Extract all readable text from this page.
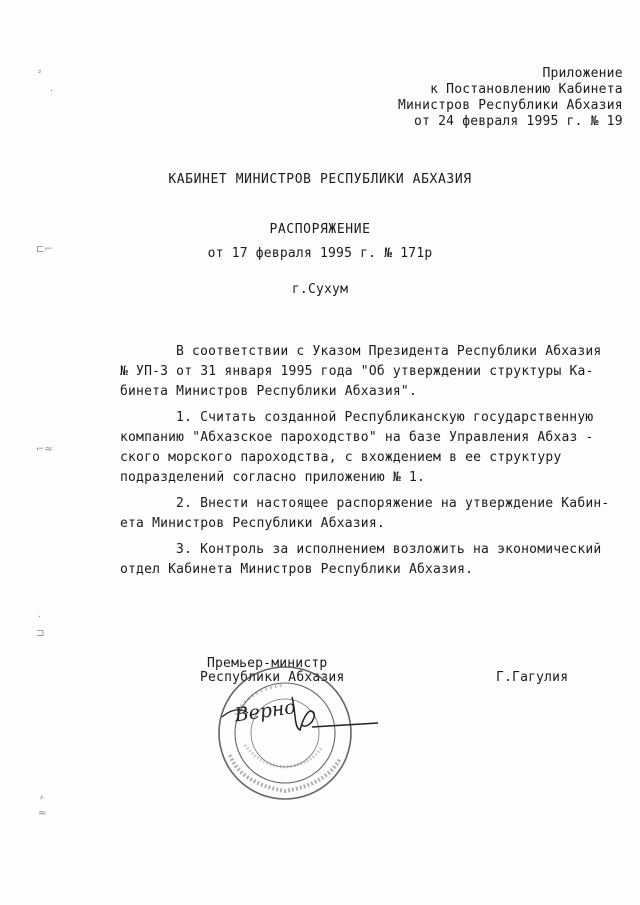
Приложение
к Постановлению Кабинета
Министров Республики Абхазия
от 24 февраля 1995 г. № 19
КАБИНЕТ МИНИСТРОВ РЕСПУБЛИКИ АБХАЗИЯ
РАСПОРЯЖЕНИЕ
от 17 февраля 1995 г. № 171р
г.Сухум
В соответствии с Указом Президента Республики Абхазия
№ УП-3 от 31 января 1995 года "Об утверждении структуры Ка-
бинета Министров Республики Абхазия".
1. Считать созданной Республиканскую государственную
компанию "Абхазское пароходство" на базе Управления Абхаз -
ского морского пароходства, с вхождением в ее структуру
подразделений согласно приложению № 1.
2. Внести настоящее распоряжение на утверждение Кабин-
ета Министров Республики Абхазия.
3. Контроль за исполнением возложить на экономический
отдел Кабинета Министров Республики Абхазия.
Премьер-министр
Республики Абхазия	Г.Гагулия
Верно
⸗
·
⊏⌐
⌐≈
·
⊐
⸗
≈
